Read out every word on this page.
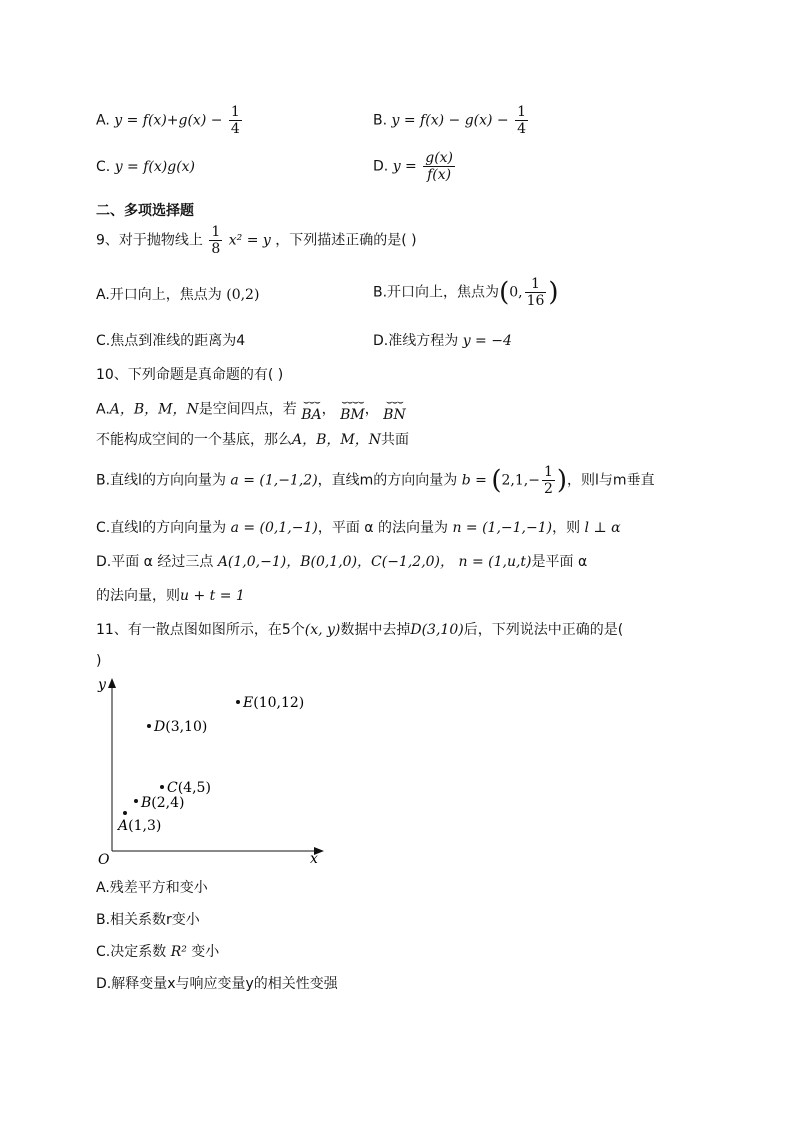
A. $y = f(x)+g(x) - \frac{1}{4}$	B. $y = f(x) - g(x) - \frac{1}{4}$
C. y = f(x)g(x)	D. $y = \frac{g(x)}{f(x)}$
二、多项选择题
9、对于抛物线上 $\frac{1}{8} x^2 = y$ ，下列描述正确的是( )
A.开口向上，焦点为 (0,2)	B.开口向上，焦点为(0, $\frac{1}{16}$ )
C.焦点到准线的距离为4	D.准线方程为 y = −4
10、下列命题是真命题的有( )
A.A，B，M，N是空间四点，若 ⌣⌣⌣
BA ， ⌣⌣⌣⌣
BM ， ⌣⌣⌣
BN
不能构成空间的一个基底，那么A，B，M，N共面
B.直线l的方向向量为 a = (1,−1,2)，直线m的方向向量为 $b = (2,1,- \frac{1}{2}$ )，则l与m垂直
C.直线l的方向向量为 a = (0,1,−1)，平面 α 的法向量为 n = (1,−1,−1)，则 l ⊥ α
D.平面 α 经过三点 A(1,0,−1)，B(0,1,0)，C(−1,2,0)， n = (1,u,t)是平面 α
的法向量，则u + t = 1
11、有一散点图如图所示，在5个(x, y)数据中去掉D(3,10)后，下列说法中正确的是(
)
x
y
O
A(1,3)
B(2,4)
C(4,5)
D(3,10)
E(10,12)
A.残差平方和变小
B.相关系数r变小
C.决定系数 R² 变小
D.解释变量x与响应变量y的相关性变强
